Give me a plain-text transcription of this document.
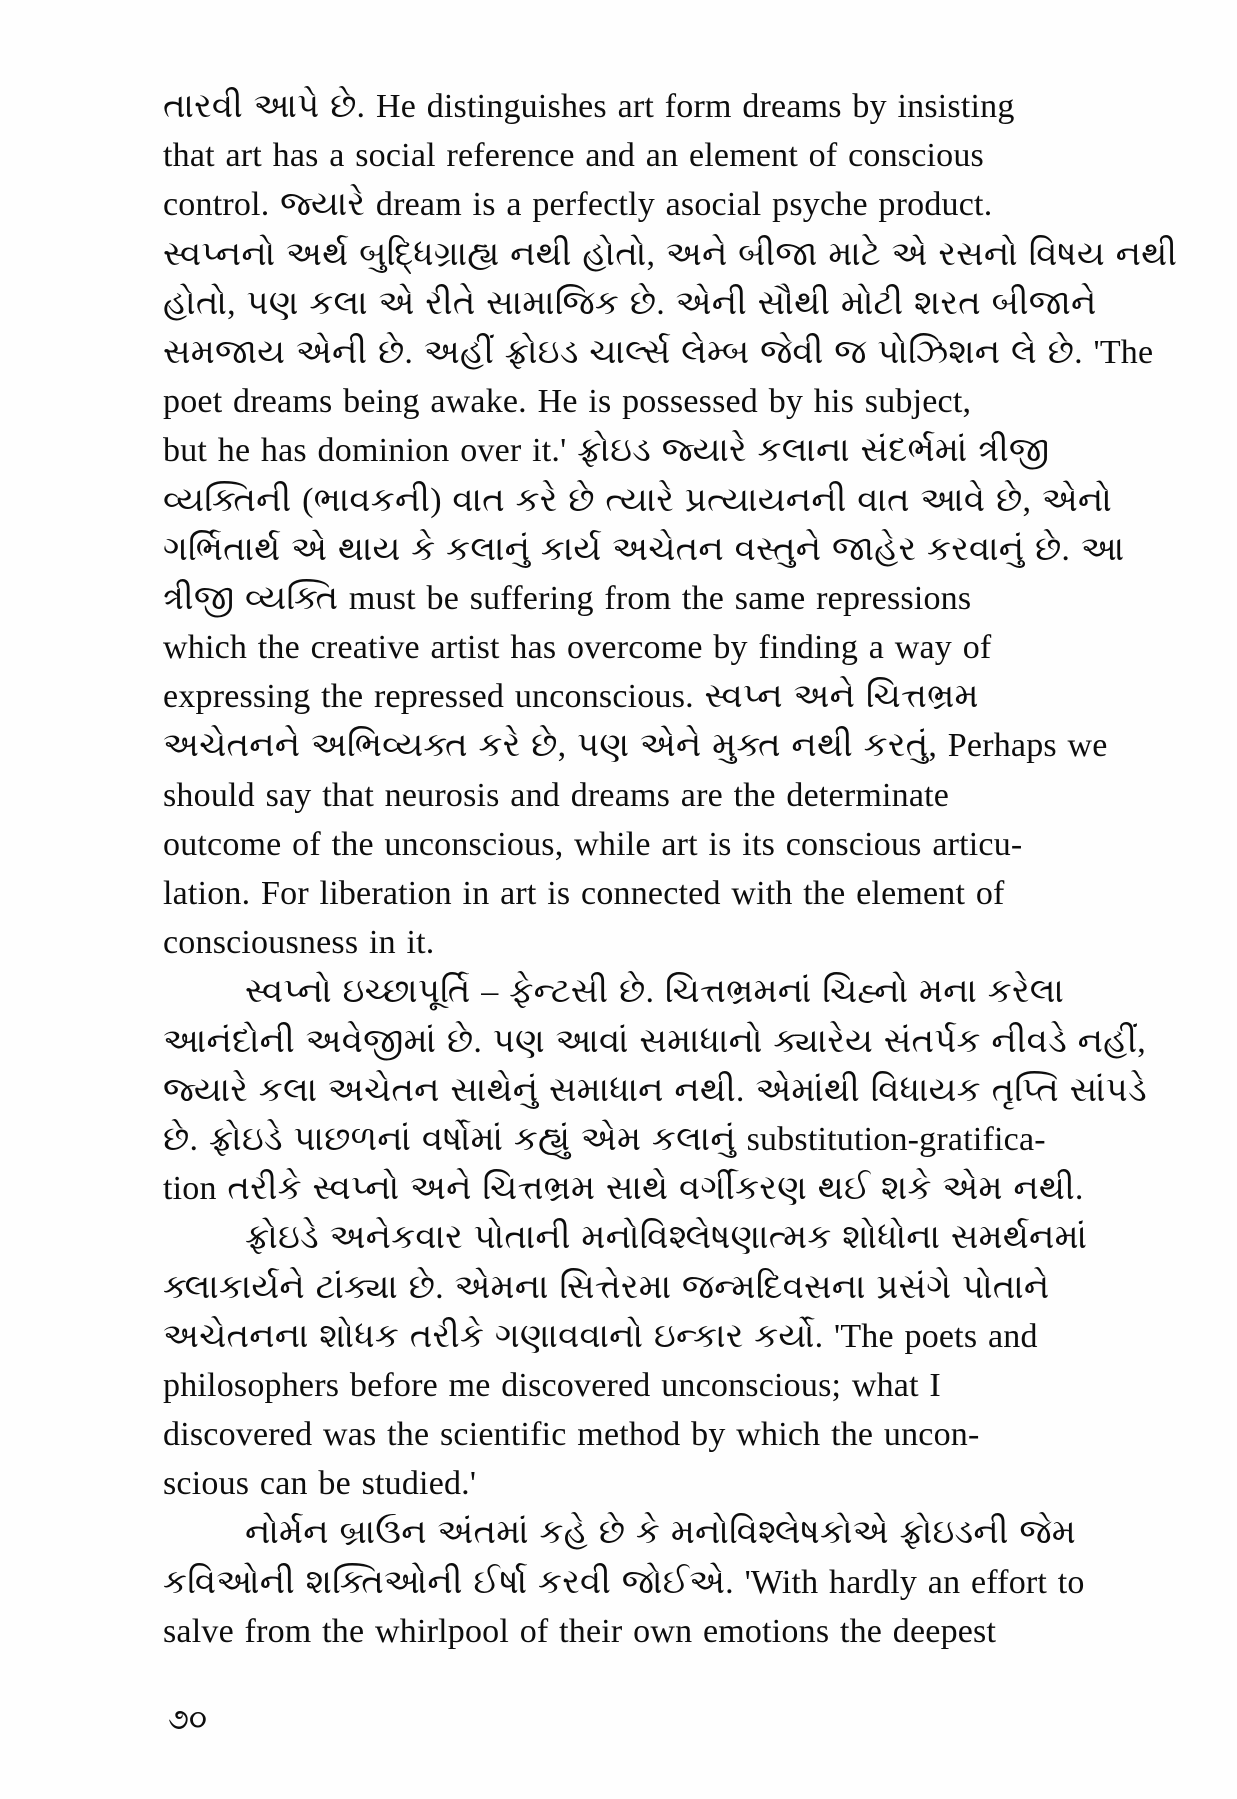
તારવી આપે છે. He distinguishes art form dreams by insisting
that art has a social reference and an element of conscious
control. જ્યારે dream is a perfectly asocial psyche product.
સ્વપ્નનો અર્થ બુદ્ધિગ્રાહ્ય નથી હોતો, અને બીજા માટે એ રસનો વિષય નથી
હોતો, પણ કલા એ રીતે સામાજિક છે. એની સૌથી મોટી શરત બીજાને
સમજાય એની છે. અહીં ફ્રોઇડ ચાર્લ્સ લેમ્બ જેવી જ પોઝિશન લે છે. 'The
poet dreams being awake. He is possessed by his subject,
but he has dominion over it.' ફ્રોઇડ જ્યારે કલાના સંદર્ભમાં ત્રીજી
વ્યક્તિની (ભાવકની) વાત કરે છે ત્યારે પ્રત્યાયનની વાત આવે છે, એનો
ગર્ભિતાર્થ એ થાય કે કલાનું કાર્ય અચેતન વસ્તુને જાહેર કરવાનું છે. આ
ત્રીજી વ્યક્તિ must be suffering from the same repressions
which the creative artist has overcome by finding a way of
expressing the repressed unconscious. સ્વપ્ન અને ચિત્તભ્રમ
અચેતનને અભિવ્યક્ત કરે છે, પણ એને મુક્ત નથી કરતું, Perhaps we
should say that neurosis and dreams are the determinate
outcome of the unconscious, while art is its conscious articu-
lation. For liberation in art is connected with the element of
consciousness in it.
સ્વપ્નો ઇચ્છાપૂર્તિ – ફેન્ટસી છે. ચિત્તભ્રમનાં ચિહ્નો મના કરેલા
આનંદોની અવેજીમાં છે. પણ આવાં સમાધાનો ક્યારેય સંતર્પક નીવડે નહીં,
જ્યારે કલા અચેતન સાથેનું સમાધાન નથી. એમાંથી વિધાયક તૃપ્તિ સાંપડે
છે. ફ્રોઇડે પાછળનાં વર્ષોમાં કહ્યું એમ કલાનું substitution-gratifica-
tion તરીકે સ્વપ્નો અને ચિત્તભ્રમ સાથે વર્ગીકરણ થઈ શકે એમ નથી.
ફ્રોઇડે અનેકવાર પોતાની મનોવિશ્લેષણાત્મક શોધોના સમર્થનમાં
ક્લાકાર્યને ટાંક્યા છે. એમના સિત્તેરમા જન્મદિવસના પ્રસંગે પોતાને
અચેતનના શોધક તરીકે ગણાવવાનો ઇન્કાર કર્યો. 'The poets and
philosophers before me discovered unconscious; what I
discovered was the scientific method by which the uncon-
scious can be studied.'
નોર્મન બ્રાઉન અંતમાં કહે છે કે મનોવિશ્લેષકોએ ફ્રોઇડની જેમ
કવિઓની શક્તિઓની ઈર્ષા કરવી જોઈએ. 'With hardly an effort to
salve from the whirlpool of their own emotions the deepest
૭૦
